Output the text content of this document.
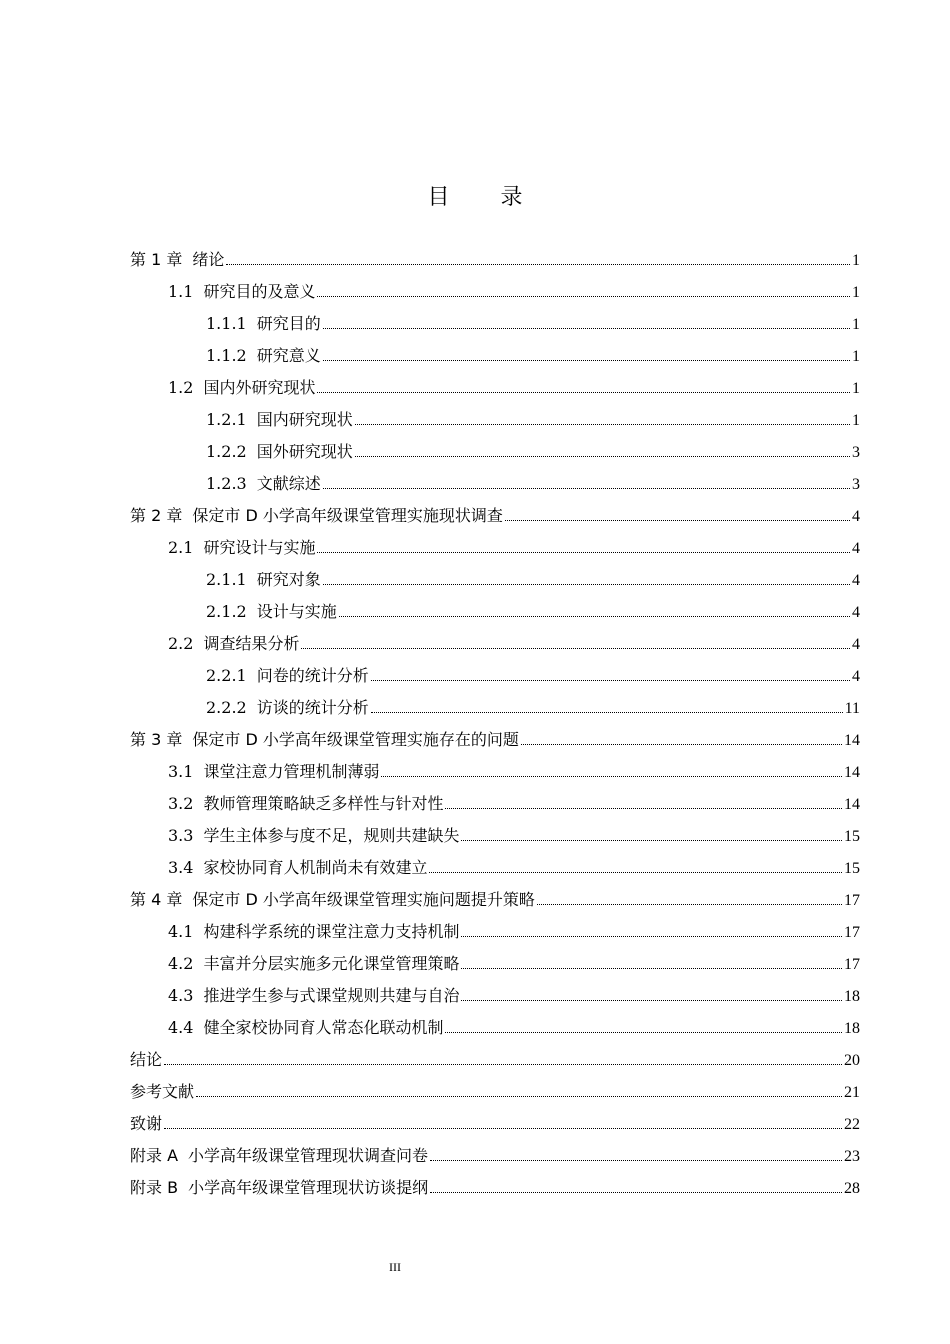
目 录
第 1 章 绪论	1
1.1 研究目的及意义	1
1.1.1 研究目的	1
1.1.2 研究意义	1
1.2 国内外研究现状	1
1.2.1 国内研究现状	1
1.2.2 国外研究现状	3
1.2.3 文献综述	3
第 2 章 保定市 D 小学高年级课堂管理实施现状调查	4
2.1 研究设计与实施	4
2.1.1 研究对象	4
2.1.2 设计与实施	4
2.2 调查结果分析	4
2.2.1 问卷的统计分析	4
2.2.2 访谈的统计分析	11
第 3 章 保定市 D 小学高年级课堂管理实施存在的问题	14
3.1 课堂注意力管理机制薄弱	14
3.2 教师管理策略缺乏多样性与针对性	14
3.3 学生主体参与度不足，规则共建缺失	15
3.4 家校协同育人机制尚未有效建立	15
第 4 章 保定市 D 小学高年级课堂管理实施问题提升策略	17
4.1 构建科学系统的课堂注意力支持机制	17
4.2 丰富并分层实施多元化课堂管理策略	17
4.3 推进学生参与式课堂规则共建与自治	18
4.4 健全家校协同育人常态化联动机制	18
结论	20
参考文献	21
致谢	22
附录 A 小学高年级课堂管理现状调查问卷	23
附录 B 小学高年级课堂管理现状访谈提纲	28
III
